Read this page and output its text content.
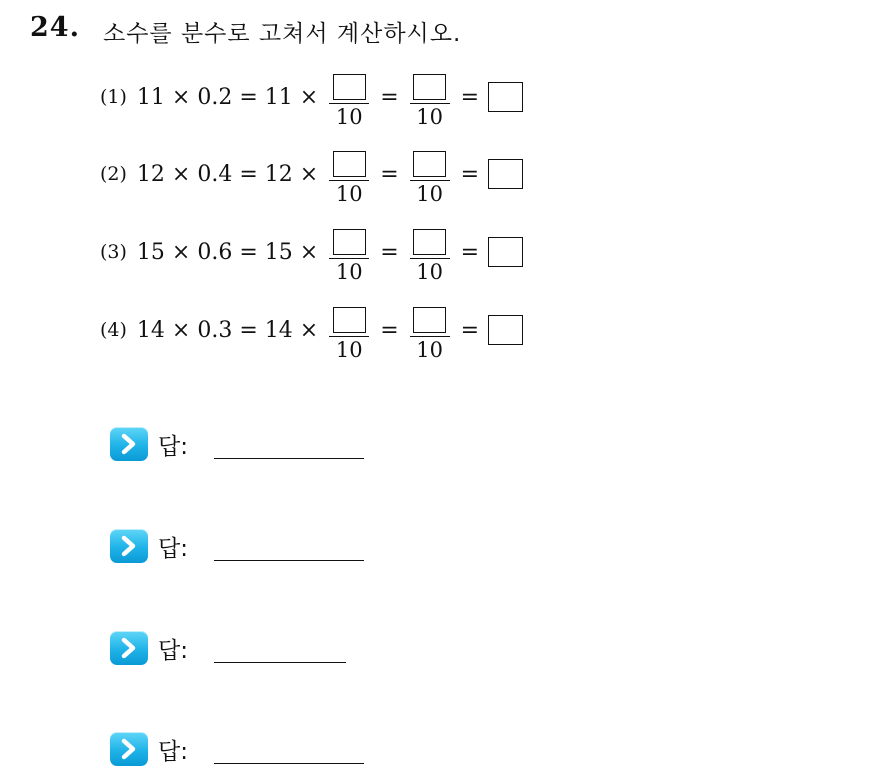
24. 소수를 분수로 고쳐서 계산하시오.
(1) 11 × 0.2 = 11 ×
10
=
10
=
(2) 12 × 0.4 = 12 ×
10
=
10
=
(3) 15 × 0.6 = 15 ×
10
=
10
=
(4) 14 × 0.3 = 14 ×
10
=
10
=
답:
답:
답:
답:
